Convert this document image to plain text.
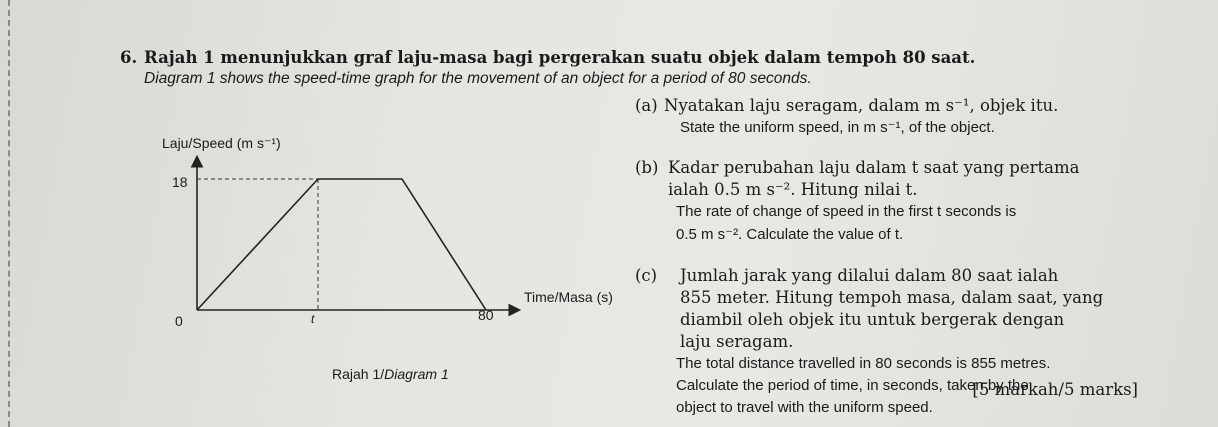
6. Rajah 1 menunjukkan graf laju-masa bagi pergerakan suatu objek dalam tempoh 80 saat.
Diagram 1 shows the speed-time graph for the movement of an object for a period of 80 seconds.
Laju/Speed (m s⁻¹)
Time/Masa (s)
0
18
t	80
Rajah 1/Diagram 1
(a) Nyatakan laju seragam, dalam m s⁻¹, objek itu.
State the uniform speed, in m s⁻¹, of the object.
(b) Kadar perubahan laju dalam t saat yang pertama
ialah 0.5 m s⁻². Hitung nilai t.
The rate of change of speed in the first t seconds is
0.5 m s⁻². Calculate the value of t.
(c) Jumlah jarak yang dilalui dalam 80 saat ialah
855 meter. Hitung tempoh masa, dalam saat, yang
diambil oleh objek itu untuk bergerak dengan
laju seragam.
The total distance travelled in 80 seconds is 855 metres.
Calculate the period of time, in seconds, taken by the
object to travel with the uniform speed.
[5 markah/5 marks]
